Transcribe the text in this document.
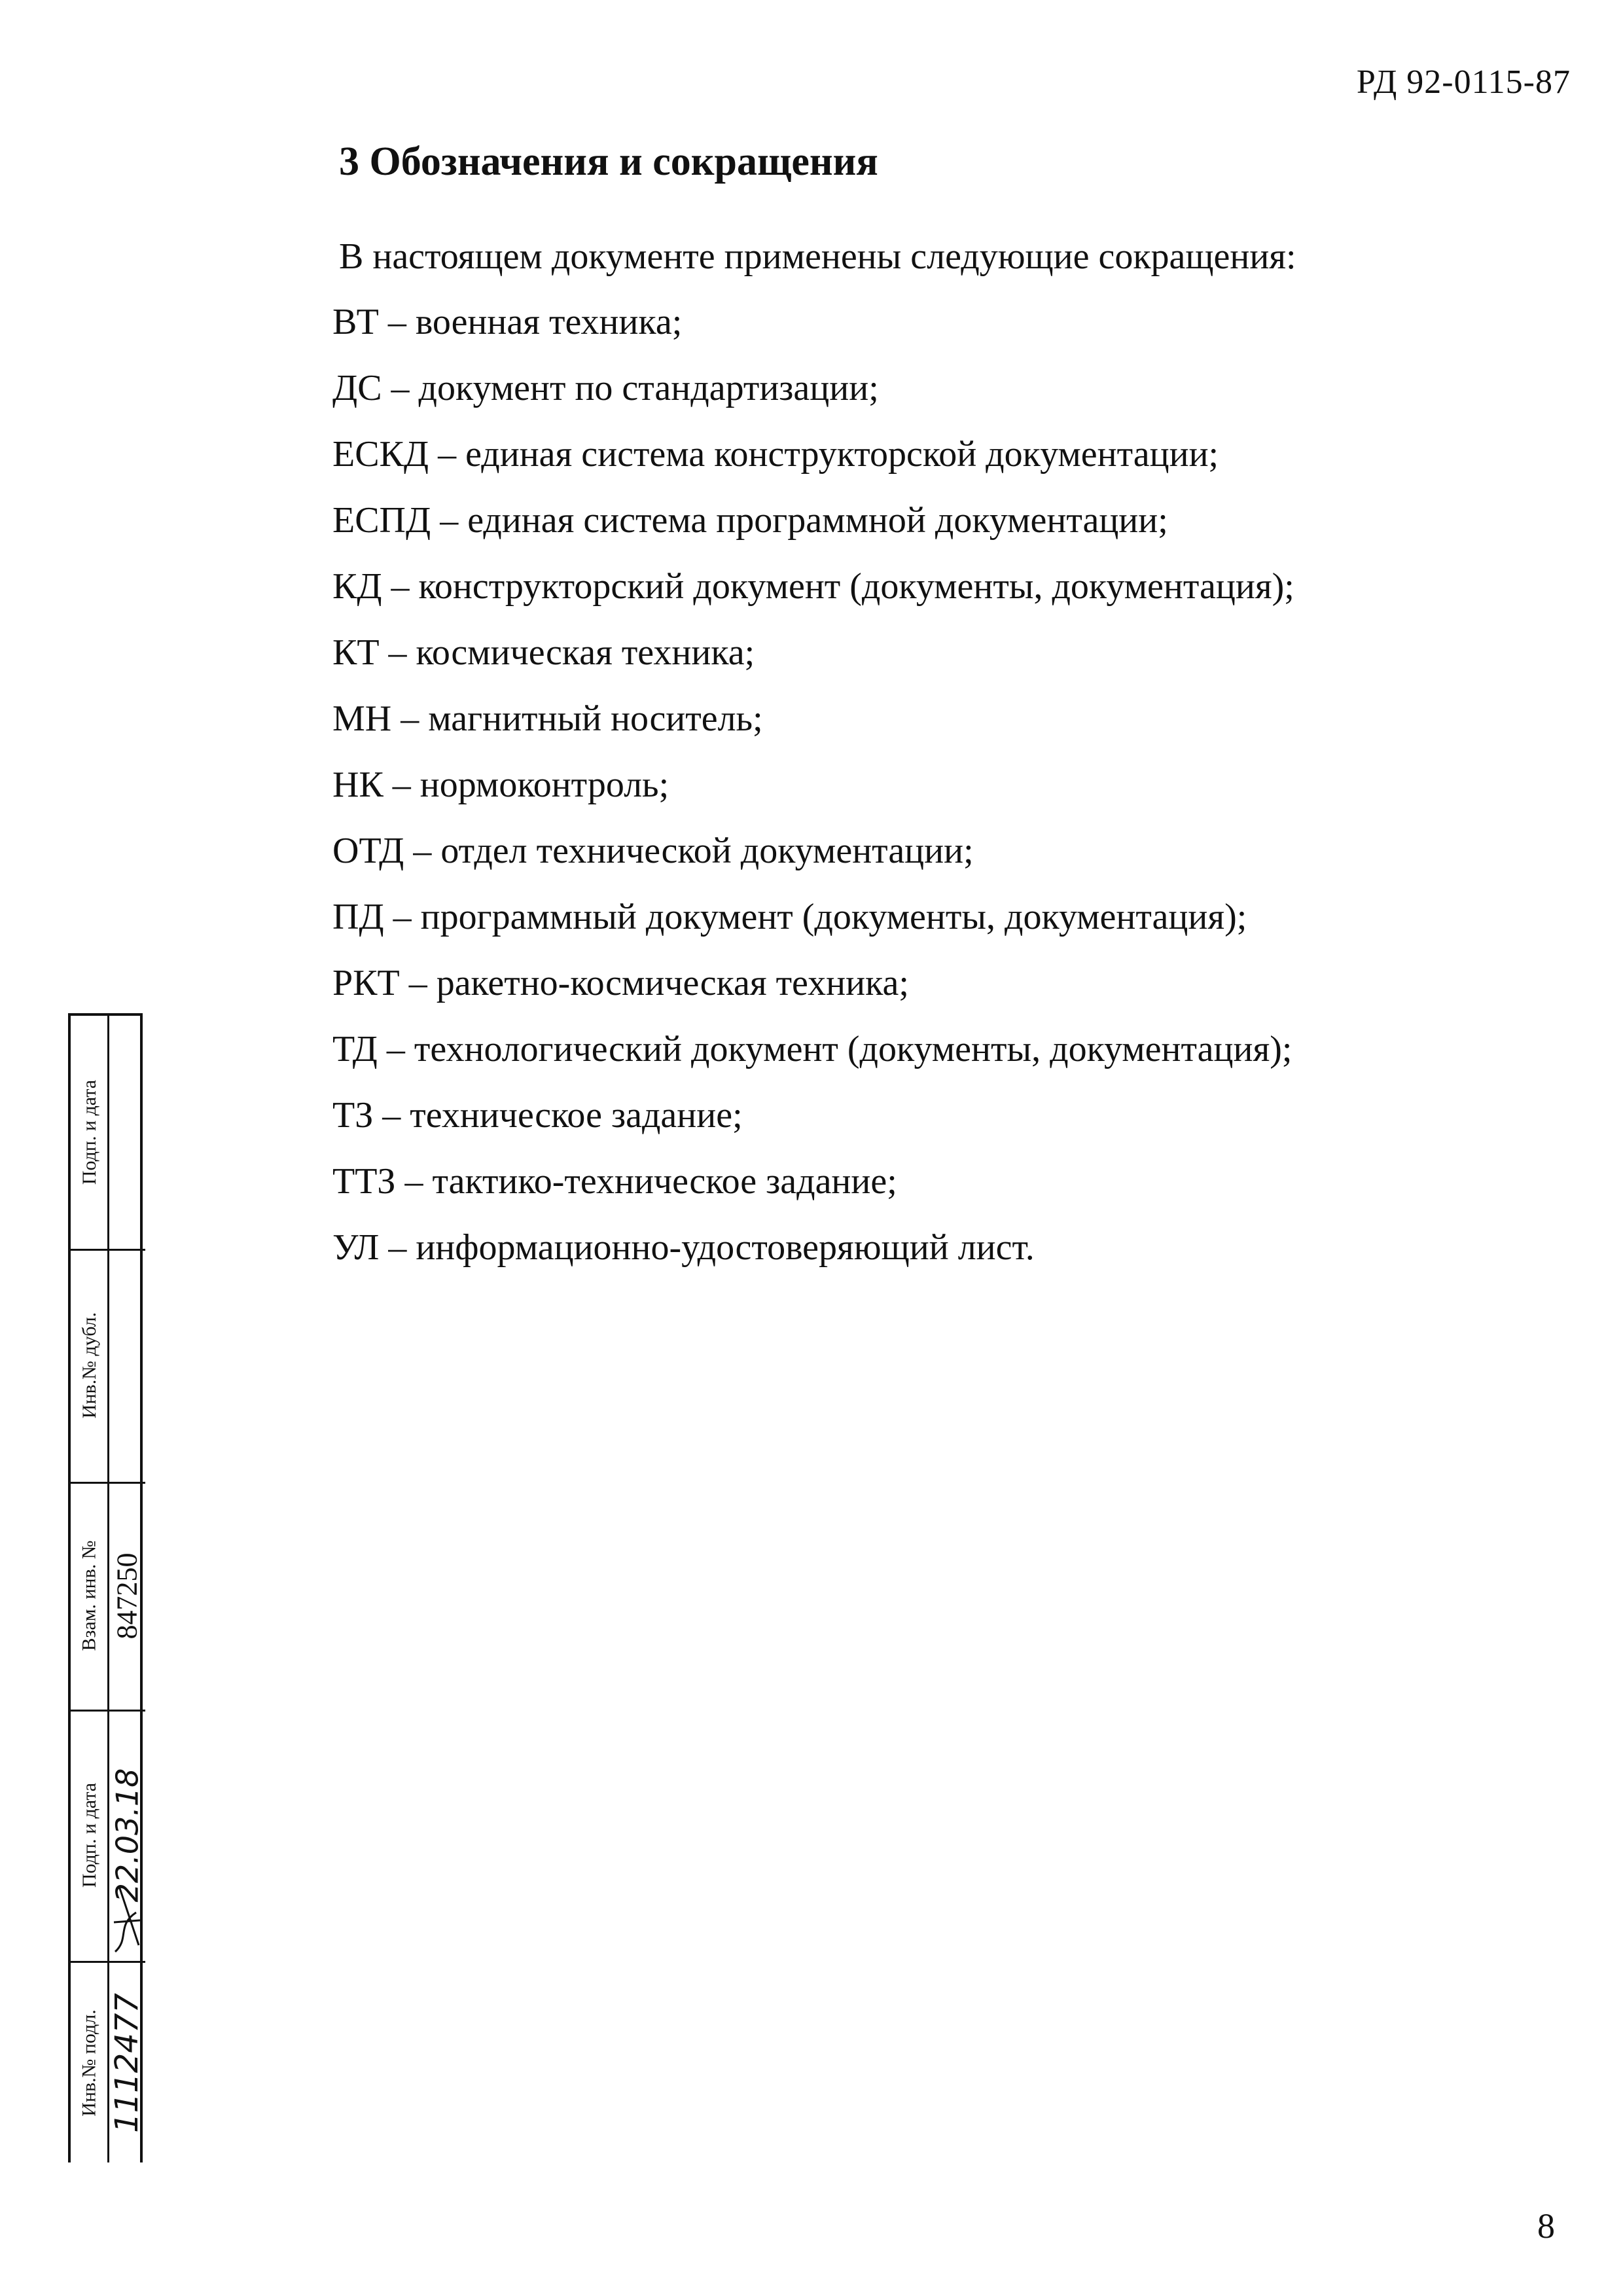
РД 92-0115-87
3 Обозначения и сокращения

В настоящем документе применены следующие сокращения:

ВТ – военная техника;
ДС – документ по стандартизации;
ЕСКД – единая система конструкторской документации;
ЕСПД – единая система программной документации;
КД – конструкторский документ (документы, документация);
КТ – космическая техника;
МН – магнитный носитель;
НК – нормоконтроль;
ОТД – отдел технической документации;
ПД – программный документ (документы, документация);
РКТ – ракетно-космическая техника;
ТД – технологический документ (документы, документация);
ТЗ – техническое задание;
ТТЗ – тактико-техническое задание;
УЛ – информационно-удостоверяющий лист.
Подп. и дата
Инв.№ дубл.
Взам. инв. № 847250
Подп. и дата 22.03.18
Инв.№ подл. 1112477
8
